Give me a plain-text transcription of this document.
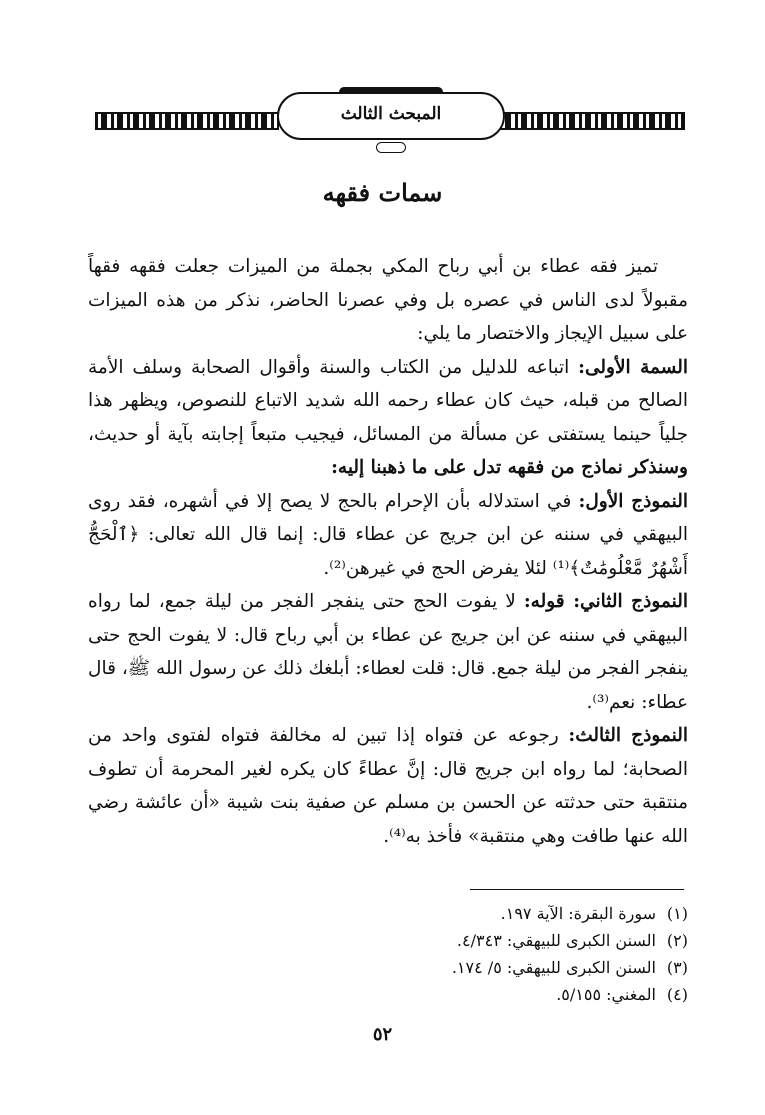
المبحث الثالث
سمات فقهه

تميز فقه عطاء بن أبي رباح المكي بجملة من الميزات جعلت فقهه فقهاً مقبولاً لدى الناس في عصره بل وفي عصرنا الحاضر، نذكر من هذه الميزات على سبيل الإيجاز والاختصار ما يلي:

السمة الأولى: اتباعه للدليل من الكتاب والسنة وأقوال الصحابة وسلف الأمة الصالح من قبله، حيث كان عطاء رحمه الله شديد الاتباع للنصوص، ويظهر هذا جلياً حينما يستفتى عن مسألة من المسائل، فيجيب متبعاً إجابته بآية أو حديث، وسنذكر نماذج من فقهه تدل على ما ذهبنا إليه:

النموذج الأول: في استدلاله بأن الإحرام بالحج لا يصح إلا في أشهره، فقد روى البيهقي في سننه عن ابن جريج عن عطاء قال: إنما قال الله تعالى: ﴿ٱلْحَجُّ أَشْهُرٌ مَّعْلُومَٰتٌ﴾⁽¹⁾ لئلا يفرض الحج في غيرهن⁽²⁾.

النموذج الثاني: قوله: لا يفوت الحج حتى ينفجر الفجر من ليلة جمع، لما رواه البيهقي في سننه عن ابن جريج عن عطاء بن أبي رباح قال: لا يفوت الحج حتى ينفجر الفجر من ليلة جمع. قال: قلت لعطاء: أبلغك ذلك عن رسول الله ﷺ، قال عطاء: نعم⁽³⁾.

النموذج الثالث: رجوعه عن فتواه إذا تبين له مخالفة فتواه لفتوى واحد من الصحابة؛ لما رواه ابن جريج قال: إنَّ عطاءً كان يكره لغير المحرمة أن تطوف منتقبة حتى حدثته عن الحسن بن مسلم عن صفية بنت شيبة «أن عائشة رضي الله عنها طافت وهي منتقبة» فأخذ به⁽⁴⁾.

(١)
سورة البقرة: الآية ١٩٧.
(٢)
السنن الكبرى للبيهقي: ٤/٣٤٣.
(٣)
السنن الكبرى للبيهقي: ٥/ ١٧٤.
(٤)
المغني: ٥/١٥٥.
٥٢
